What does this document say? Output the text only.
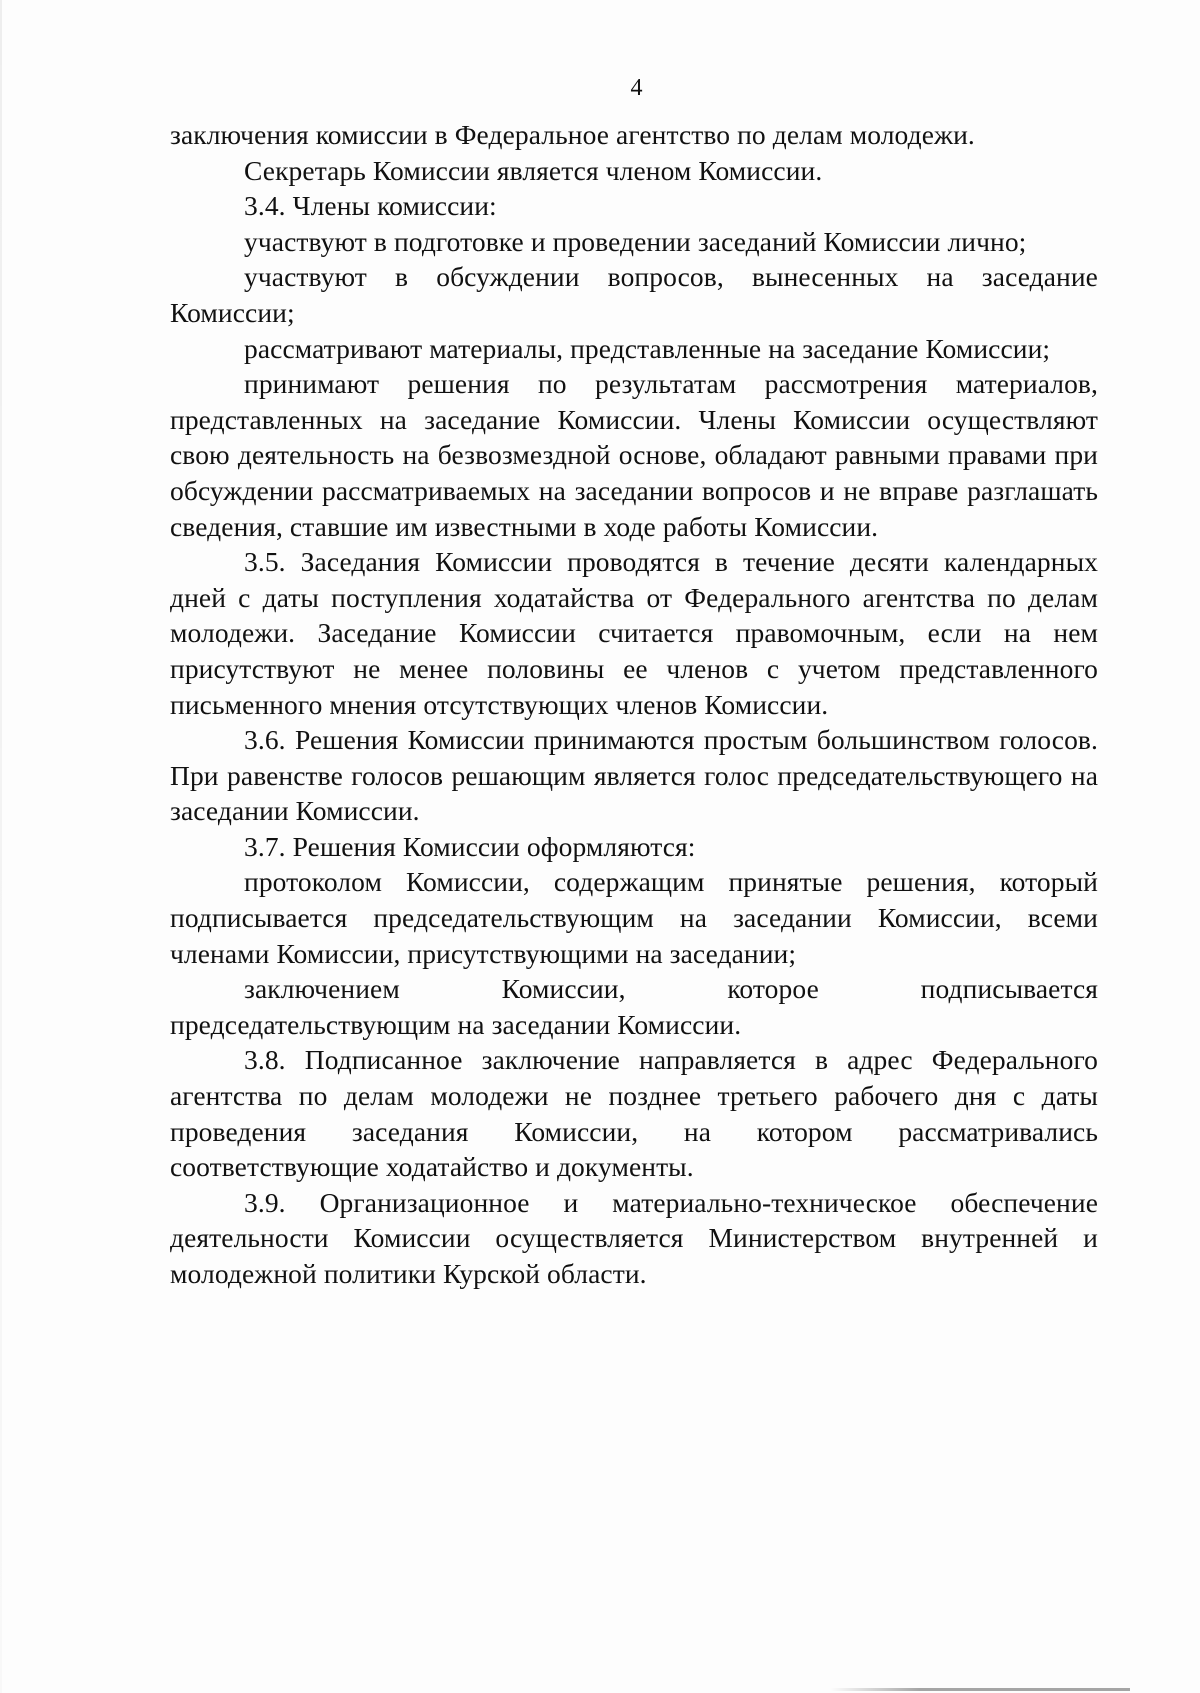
4

заключения комиссии в Федеральное агентство по делам молодежи.

Секретарь Комиссии является членом Комиссии.

3.4. Члены комиссии:

участвуют в подготовке и проведении заседаний Комиссии лично;

участвуют в обсуждении вопросов, вынесенных на заседание Комиссии;

рассматривают материалы, представленные на заседание Комиссии;

принимают решения по результатам рассмотрения материалов, представленных на заседание Комиссии. Члены Комиссии осуществляют свою деятельность на безвозмездной основе, обладают равными правами при обсуждении рассматриваемых на заседании вопросов и не вправе разглашать сведения, ставшие им известными в ходе работы Комиссии.

3.5. Заседания Комиссии проводятся в течение десяти календарных дней с даты поступления ходатайства от Федерального агентства по делам молодежи. Заседание Комиссии считается правомочным, если на нем присутствуют не менее половины ее членов с учетом представленного письменного мнения отсутствующих членов Комиссии.

3.6. Решения Комиссии принимаются простым большинством голосов. При равенстве голосов решающим является голос председательствующего на заседании Комиссии.

3.7. Решения Комиссии оформляются:

протоколом Комиссии, содержащим принятые решения, который подписывается председательствующим на заседании Комиссии, всеми членами Комиссии, присутствующими на заседании;

заключением Комиссии, которое подписывается председательствующим на заседании Комиссии.

3.8. Подписанное заключение направляется в адрес Федерального агентства по делам молодежи не позднее третьего рабочего дня с даты проведения заседания Комиссии, на котором рассматривались соответствующие ходатайство и документы.

3.9. Организационное и материально-техническое обеспечение деятельности Комиссии осуществляется Министерством внутренней и молодежной политики Курской области.
